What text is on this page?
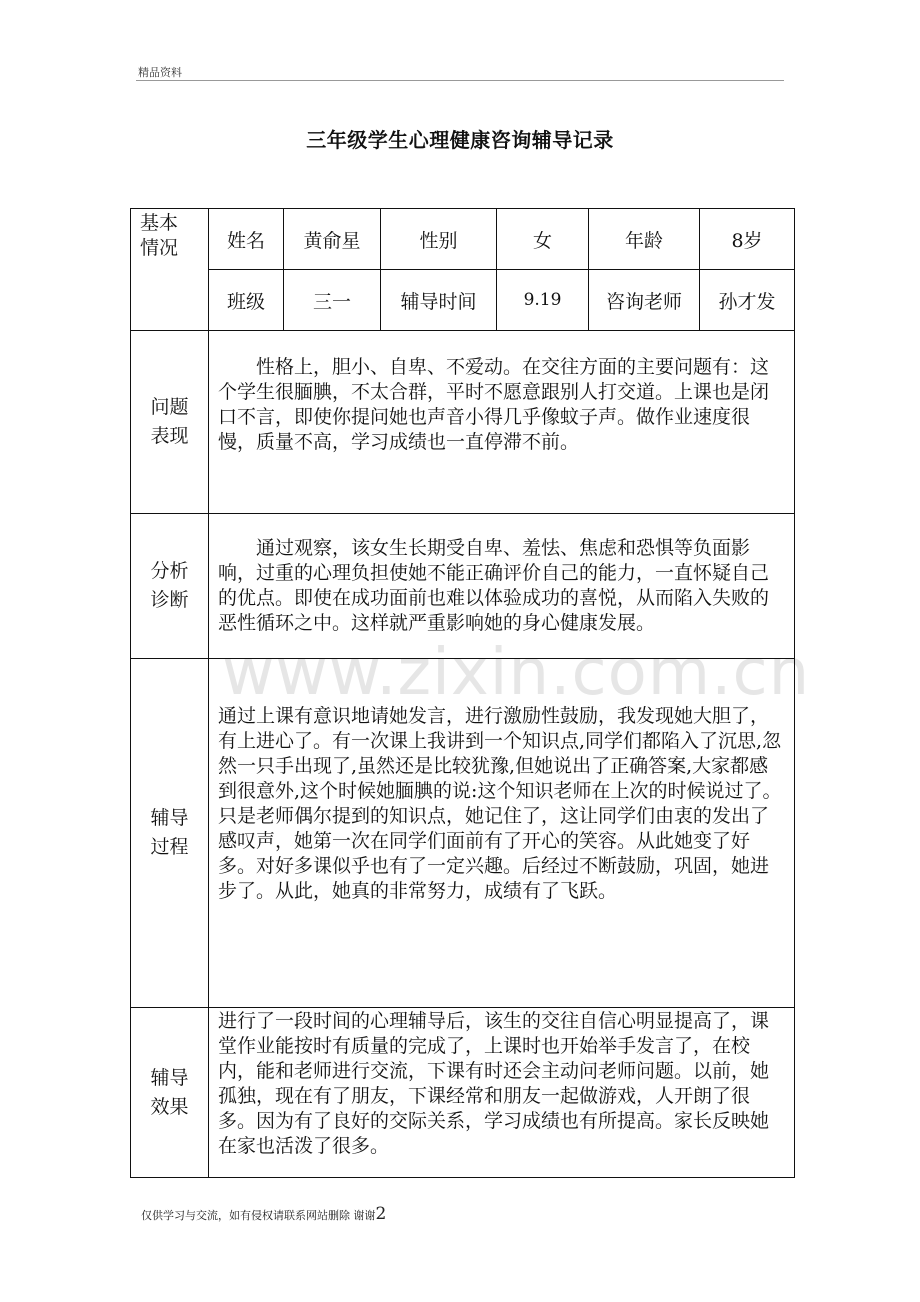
精品资料
三年级学生心理健康咨询辅导记录
www.zixin.com.cn
基本
情况	姓名	黄俞星	性别	女	年龄	8岁
	班级	三一	辅导时间	9.19	咨询老师	孙才发

问题
表现	性格上，胆小、自卑、不爱动。在交往方面的主要问题有：这个学生很腼腆，不太合群，平时不愿意跟别人打交道。上课也是闭口不言，即使你提问她也声音小得几乎像蚊子声。做作业速度很慢，质量不高，学习成绩也一直停滞不前。					

分析
诊断	通过观察，该女生长期受自卑、羞怯、焦虑和恐惧等负面影响，过重的心理负担使她不能正确评价自己的能力，一直怀疑自己的优点。即使在成功面前也难以体验成功的喜悦，从而陷入失败的恶性循环之中。这样就严重影响她的身心健康发展。					

辅导
过程	通过上课有意识地请她发言，进行激励性鼓励，我发现她大胆了，有上进心了。有一次课上我讲到一个知识点,同学们都陷入了沉思,忽然一只手出现了,虽然还是比较犹豫,但她说出了正确答案,大家都感到很意外,这个时候她腼腆的说:这个知识老师在上次的时候说过了。只是老师偶尔提到的知识点，她记住了，这让同学们由衷的发出了感叹声，她第一次在同学们面前有了开心的笑容。从此她变了好多。对好多课似乎也有了一定兴趣。后经过不断鼓励，巩固，她进步了。从此，她真的非常努力，成绩有了飞跃。					

辅导
效果	进行了一段时间的心理辅导后，该生的交往自信心明显提高了，课堂作业能按时有质量的完成了，上课时也开始举手发言了，在校内，能和老师进行交流，下课有时还会主动问老师问题。以前，她孤独，现在有了朋友，下课经常和朋友一起做游戏，人开朗了很多。因为有了良好的交际关系，学习成绩也有所提高。家长反映她在家也活泼了很多。					

仅供学习与交流，如有侵权请联系网站删除 谢谢2
